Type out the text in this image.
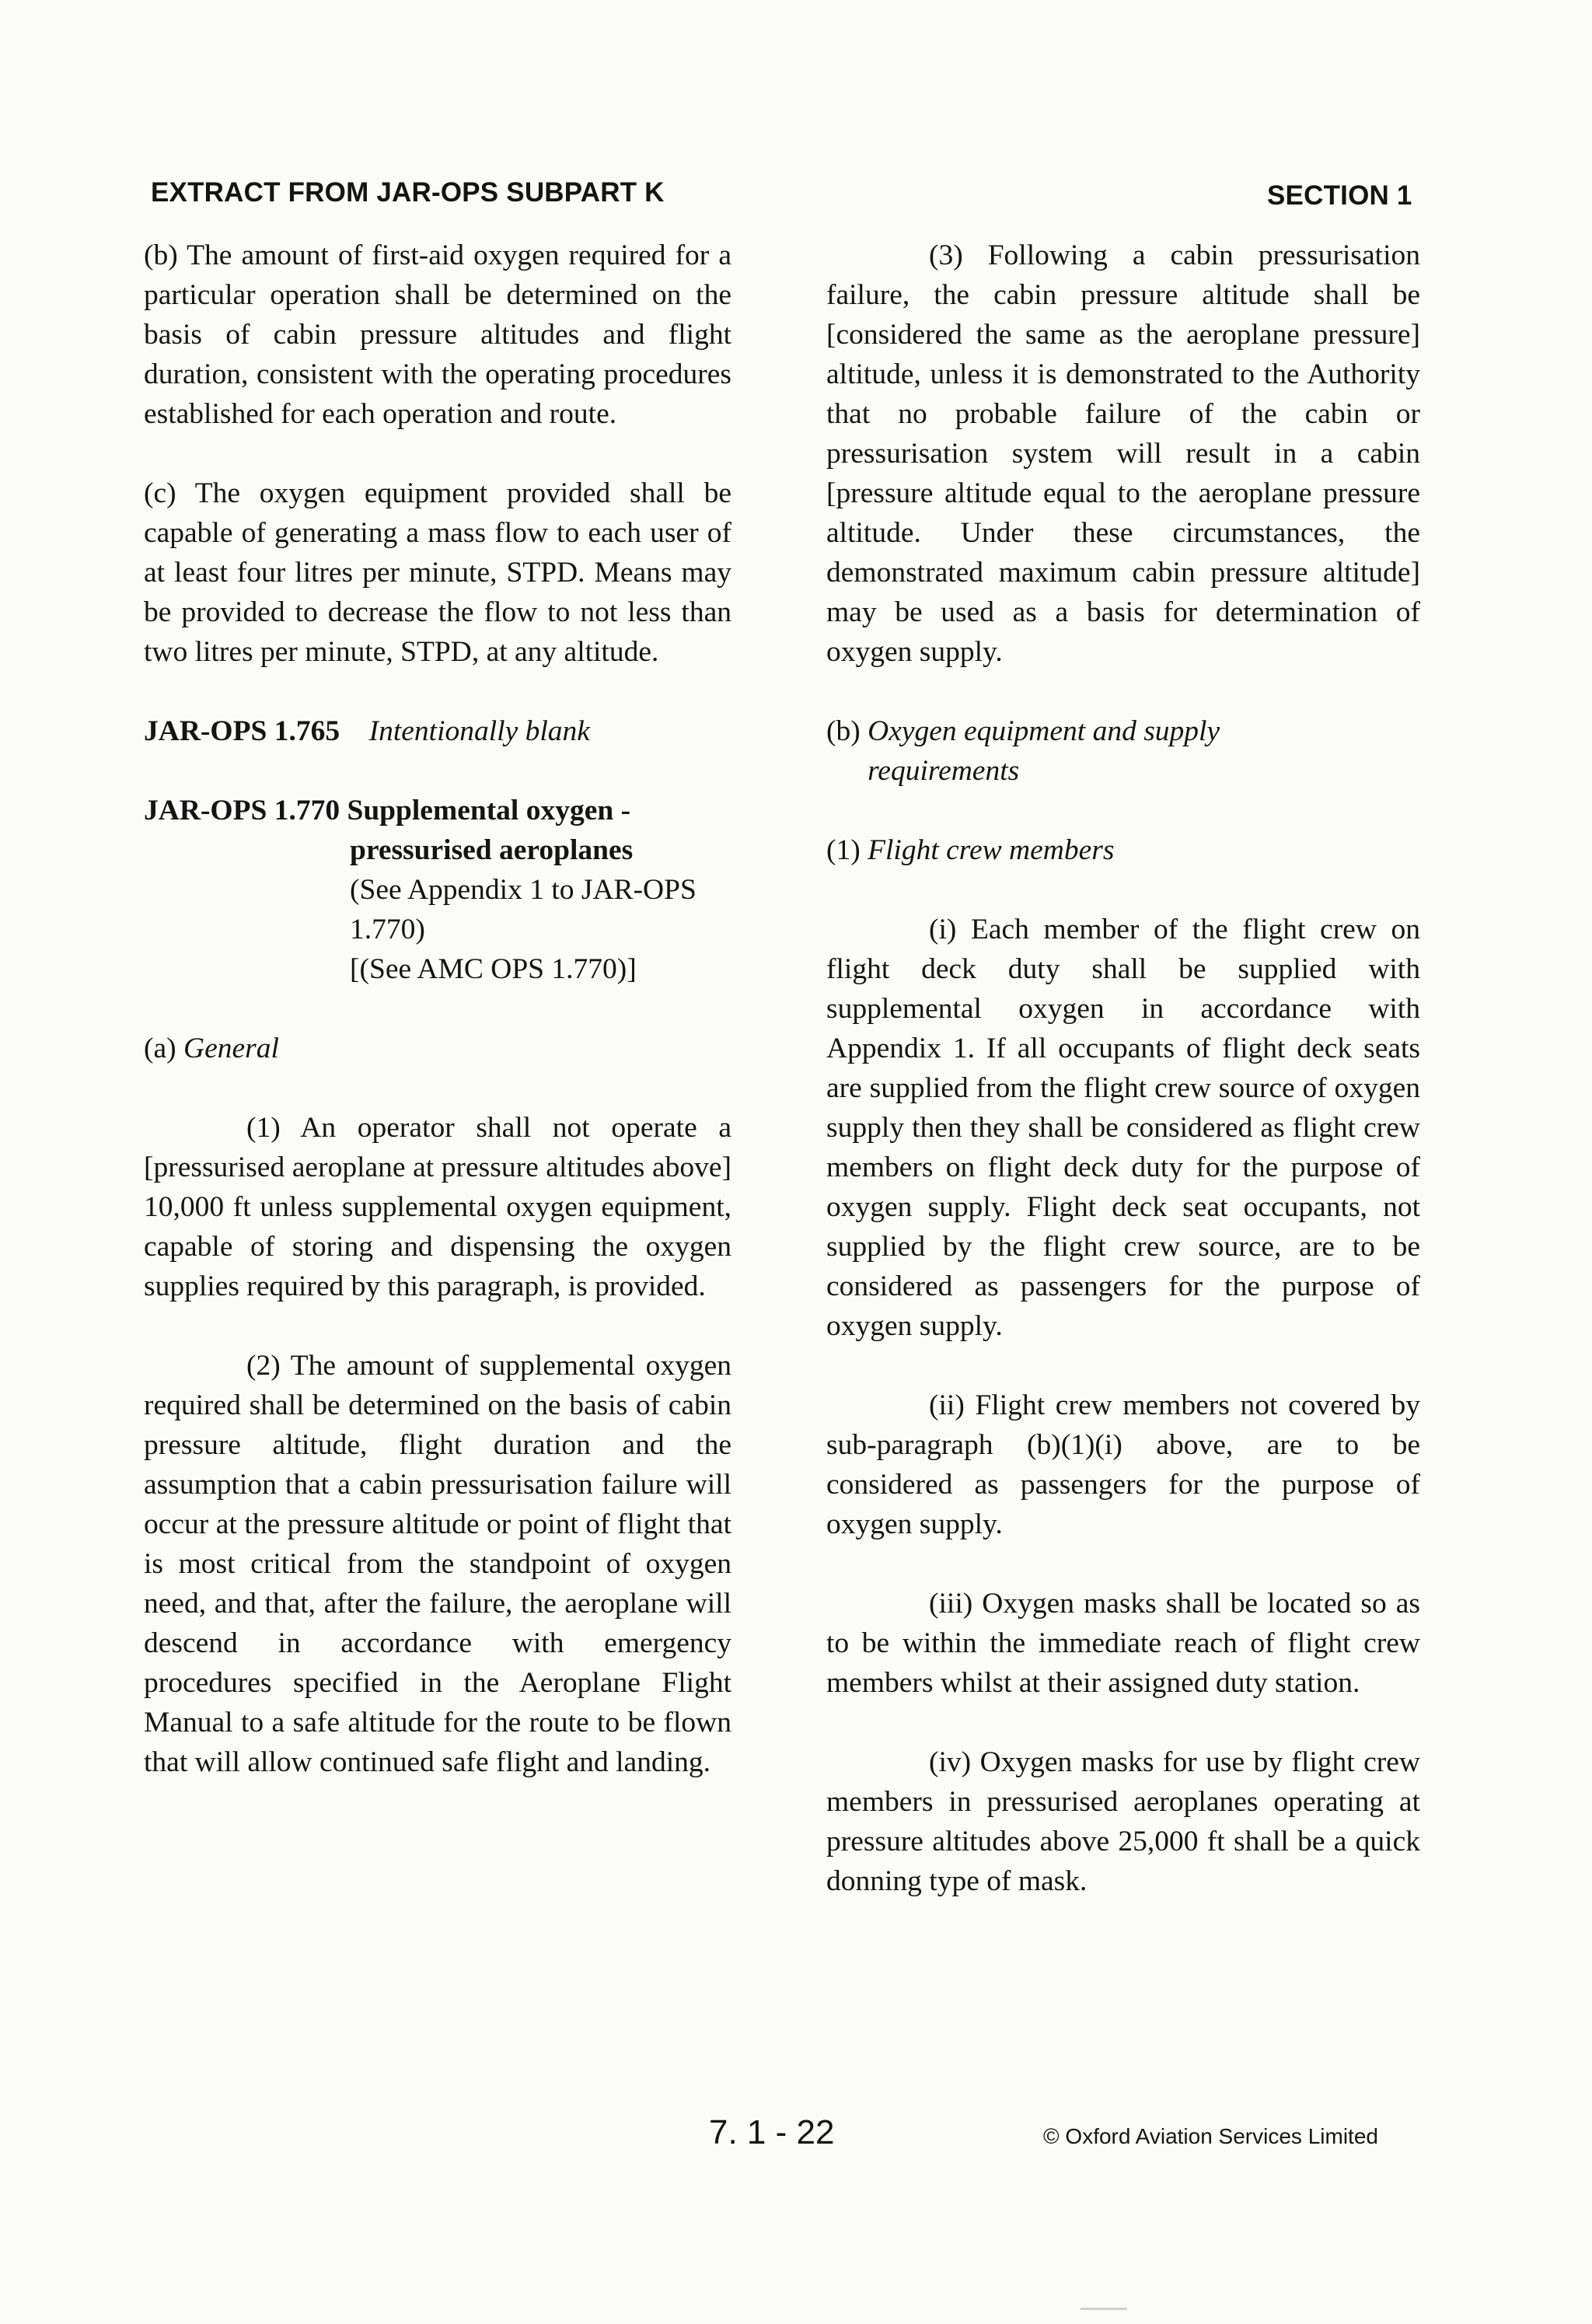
EXTRACT FROM JAR-OPS SUBPART K	SECTION 1

(b) The amount of first-aid oxygen required for a particular operation shall be determined on the basis of cabin pressure altitudes and flight duration, consistent with the operating procedures established for each operation and route.

(c) The oxygen equipment provided shall be capable of generating a mass flow to each user of at least four litres per minute, STPD. Means may be provided to decrease the flow to not less than two litres per minute, STPD, at any altitude.

JAR-OPS 1.765 Intentionally blank
JAR-OPS 1.770 Supplemental oxygen -
pressurised aeroplanes
(See Appendix 1 to JAR-OPS 1.770)
[(See AMC OPS 1.770)]
(a) General

(1) An operator shall not operate a [pressurised aeroplane at pressure altitudes above] 10,000 ft unless supplemental oxygen equipment, capable of storing and dispensing the oxygen supplies required by this paragraph, is provided.

(2) The amount of supplemental oxygen required shall be determined on the basis of cabin pressure altitude, flight duration and the assumption that a cabin pressurisation failure will occur at the pressure altitude or point of flight that is most critical from the standpoint of oxygen need, and that, after the failure, the aeroplane will descend in accordance with emergency procedures specified in the Aeroplane Flight Manual to a safe altitude for the route to be flown that will allow continued safe flight and landing.

(3) Following a cabin pressurisation failure, the cabin pressure altitude shall be [considered the same as the aeroplane pressure] altitude, unless it is demonstrated to the Authority that no probable failure of the cabin or pressurisation system will result in a cabin [pressure altitude equal to the aeroplane pressure altitude. Under these circumstances, the demonstrated maximum cabin pressure altitude] may be used as a basis for determination of oxygen supply.

(b) Oxygen equipment and supply requirements
(1) Flight crew members

(i) Each member of the flight crew on flight deck duty shall be supplied with supplemental oxygen in accordance with Appendix 1. If all occupants of flight deck seats are supplied from the flight crew source of oxygen supply then they shall be considered as flight crew members on flight deck duty for the purpose of oxygen supply. Flight deck seat occupants, not supplied by the flight crew source, are to be considered as passengers for the purpose of oxygen supply.

(ii) Flight crew members not covered by sub-paragraph (b)(1)(i) above, are to be considered as passengers for the purpose of oxygen supply.

(iii) Oxygen masks shall be located so as to be within the immediate reach of flight crew members whilst at their assigned duty station.

(iv) Oxygen masks for use by flight crew members in pressurised aeroplanes operating at pressure altitudes above 25,000 ft shall be a quick donning type of mask.

7. 1 - 22	© Oxford Aviation Services Limited
